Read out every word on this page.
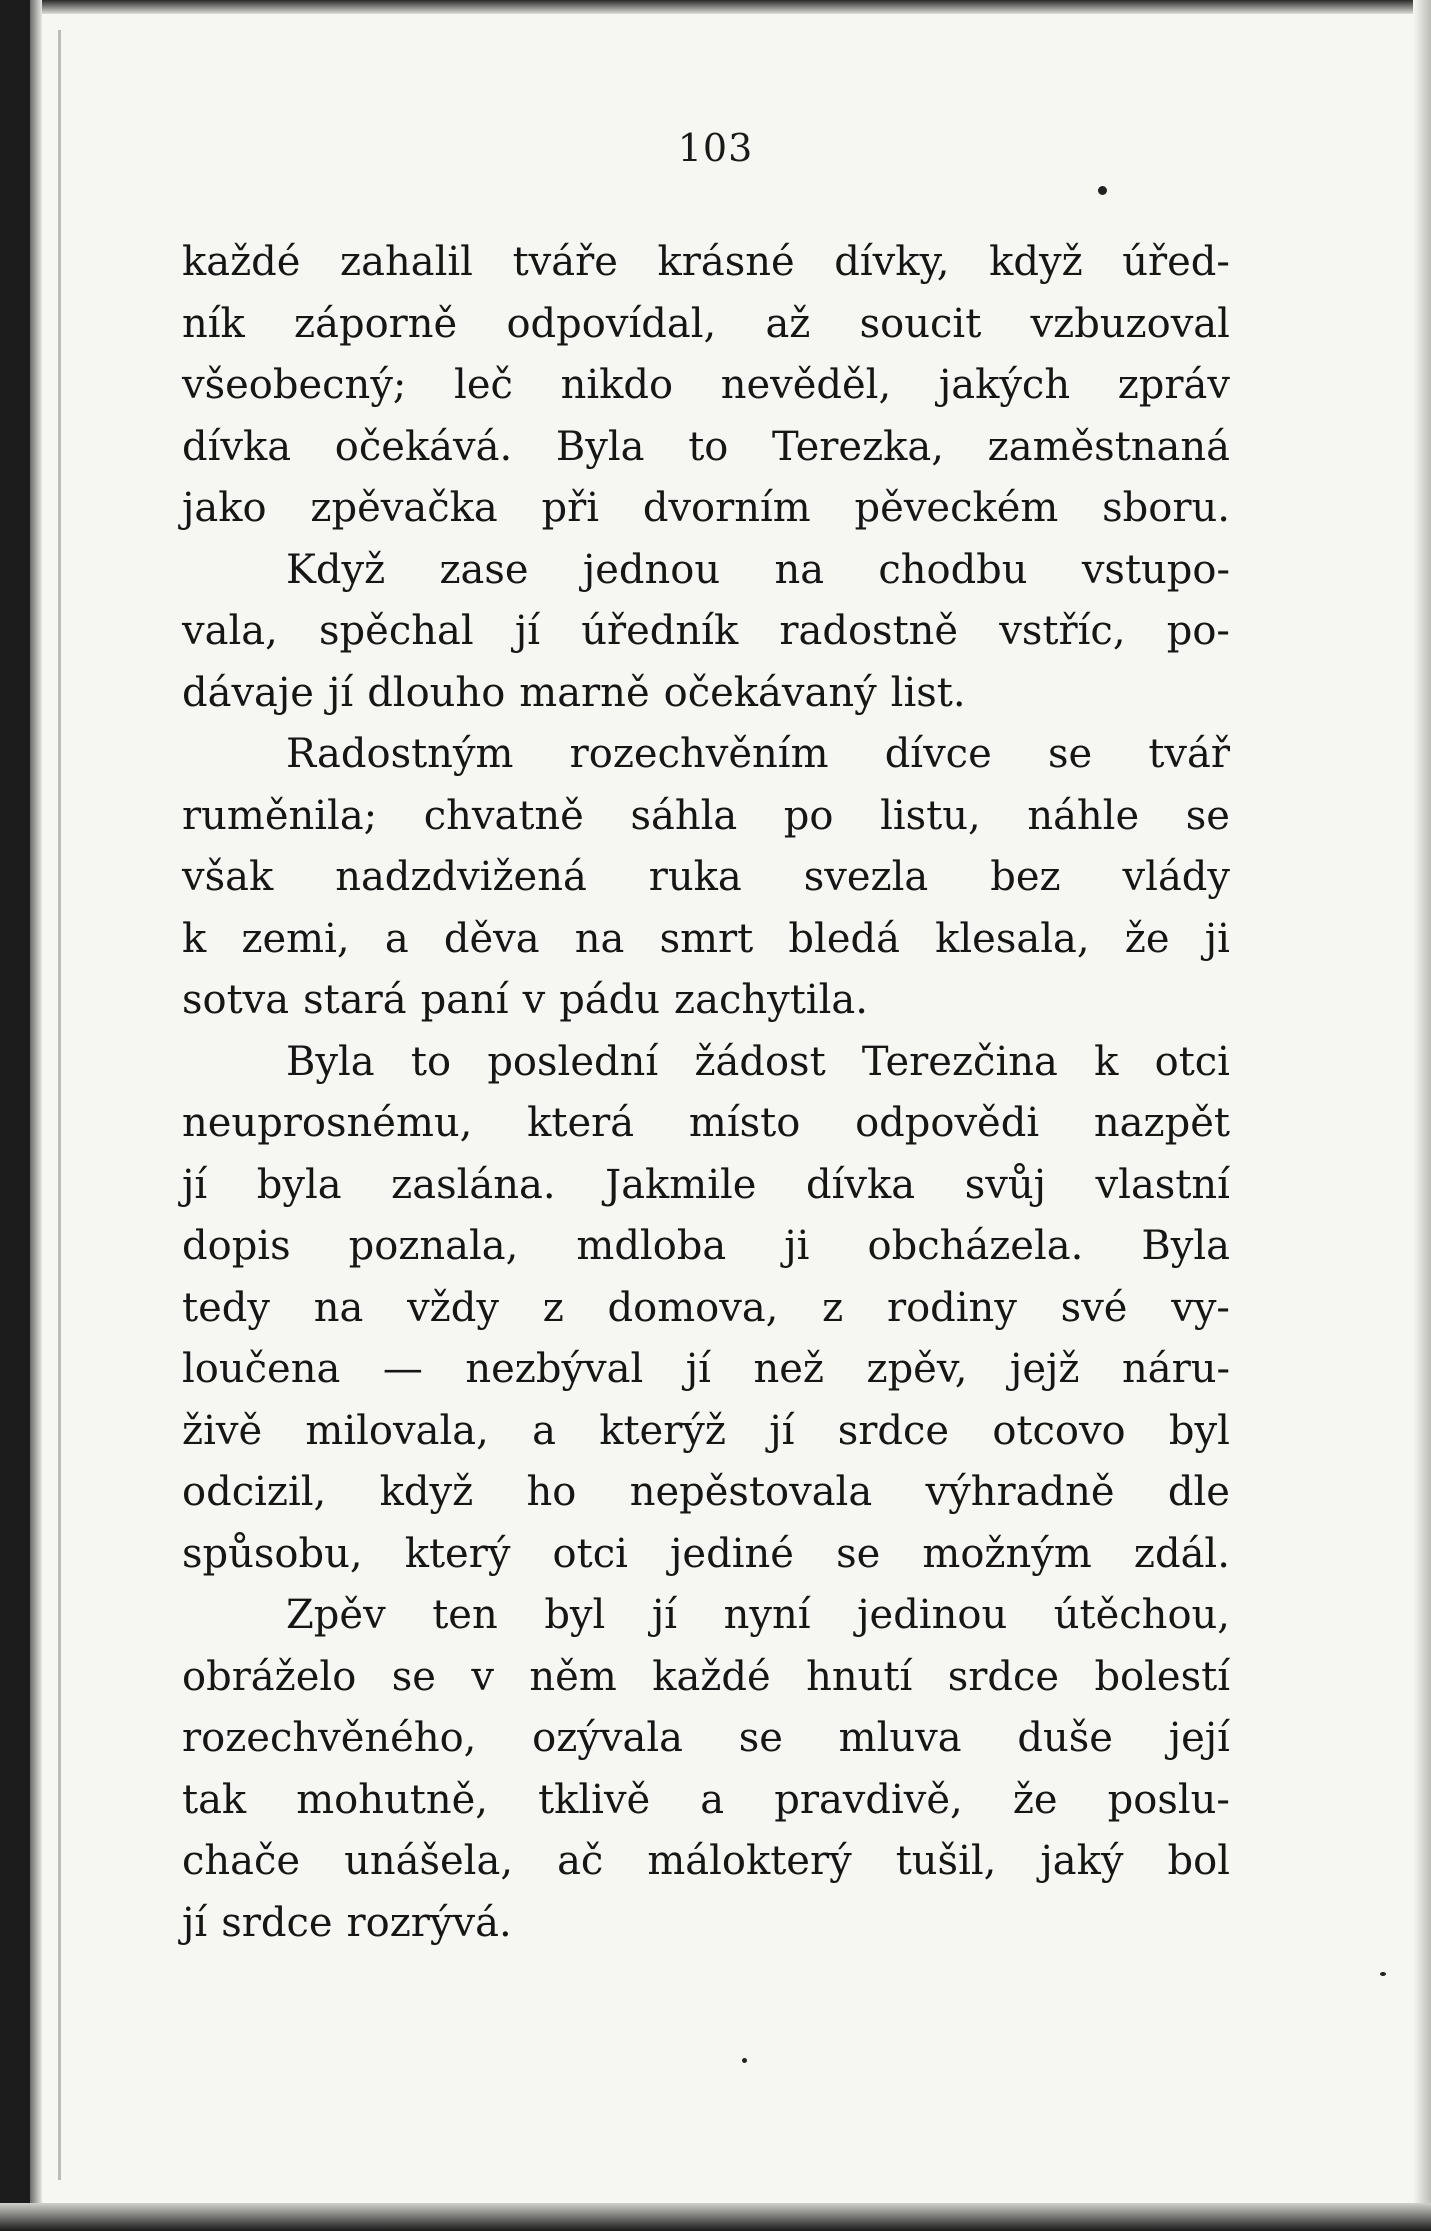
103
každé zahalil tváře krásné dívky, když úřed-
ník záporně odpovídal, až soucit vzbuzoval
všeobecný; leč nikdo nevěděl, jakých zpráv
dívka očekává. Byla to Terezka, zaměstnaná
jako zpěvačka při dvorním pěveckém sboru.
Když zase jednou na chodbu vstupo-
vala, spěchal jí úředník radostně vstříc, po-
dávaje jí dlouho marně očekávaný list.
Radostným rozechvěním dívce se tvář
ruměnila; chvatně sáhla po listu, náhle se
však nadzdvižená ruka svezla bez vlády
k zemi, a děva na smrt bledá klesala, že ji
sotva stará paní v pádu zachytila.
Byla to poslední žádost Terezčina k otci
neuprosnému, která místo odpovědi nazpět
jí byla zaslána. Jakmile dívka svůj vlastní
dopis poznala, mdloba ji obcházela. Byla
tedy na vždy z domova, z rodiny své vy-
loučena — nezbýval jí než zpěv, jejž náru-
živě milovala, a kterýž jí srdce otcovo byl
odcizil, když ho nepěstovala výhradně dle
spůsobu, který otci jediné se možným zdál.
Zpěv ten byl jí nyní jedinou útěchou,
obráželo se v něm každé hnutí srdce bolestí
rozechvěného, ozývala se mluva duše její
tak mohutně, tklivě a pravdivě, že poslu-
chače unášela, ač málokterý tušil, jaký bol
jí srdce rozrývá.
